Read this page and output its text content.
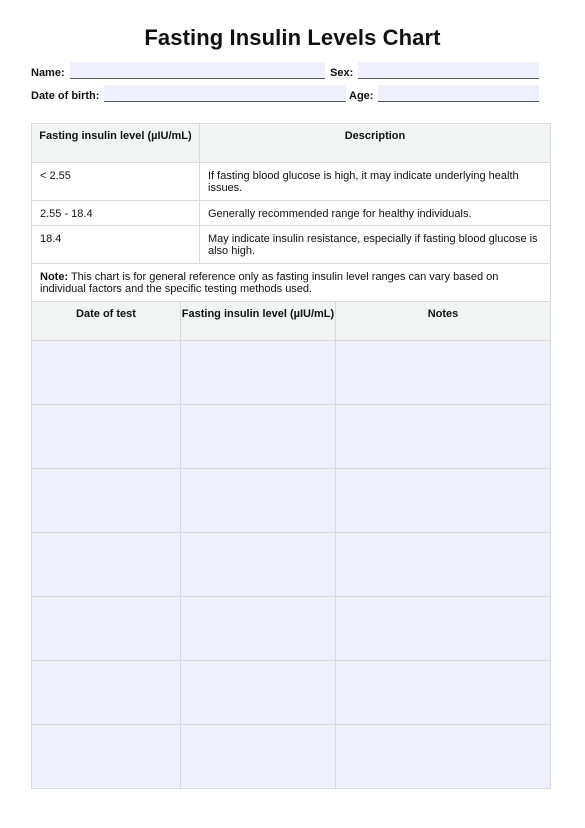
Fasting Insulin Levels Chart
Name:	Sex:
Date of birth:	Age:
Fasting insulin level (µIU/mL)	Description
< 2.55	If fasting blood glucose is high, it may indicate underlying health issues.
2.55 - 18.4	Generally recommended range for healthy individuals.
18.4	May indicate insulin resistance, especially if fasting blood glucose is also high.
Note: This chart is for general reference only as fasting insulin level ranges can vary based on individual factors and the specific testing methods used.	
Date of test	Fasting insulin level (µIU/mL)	Notes
